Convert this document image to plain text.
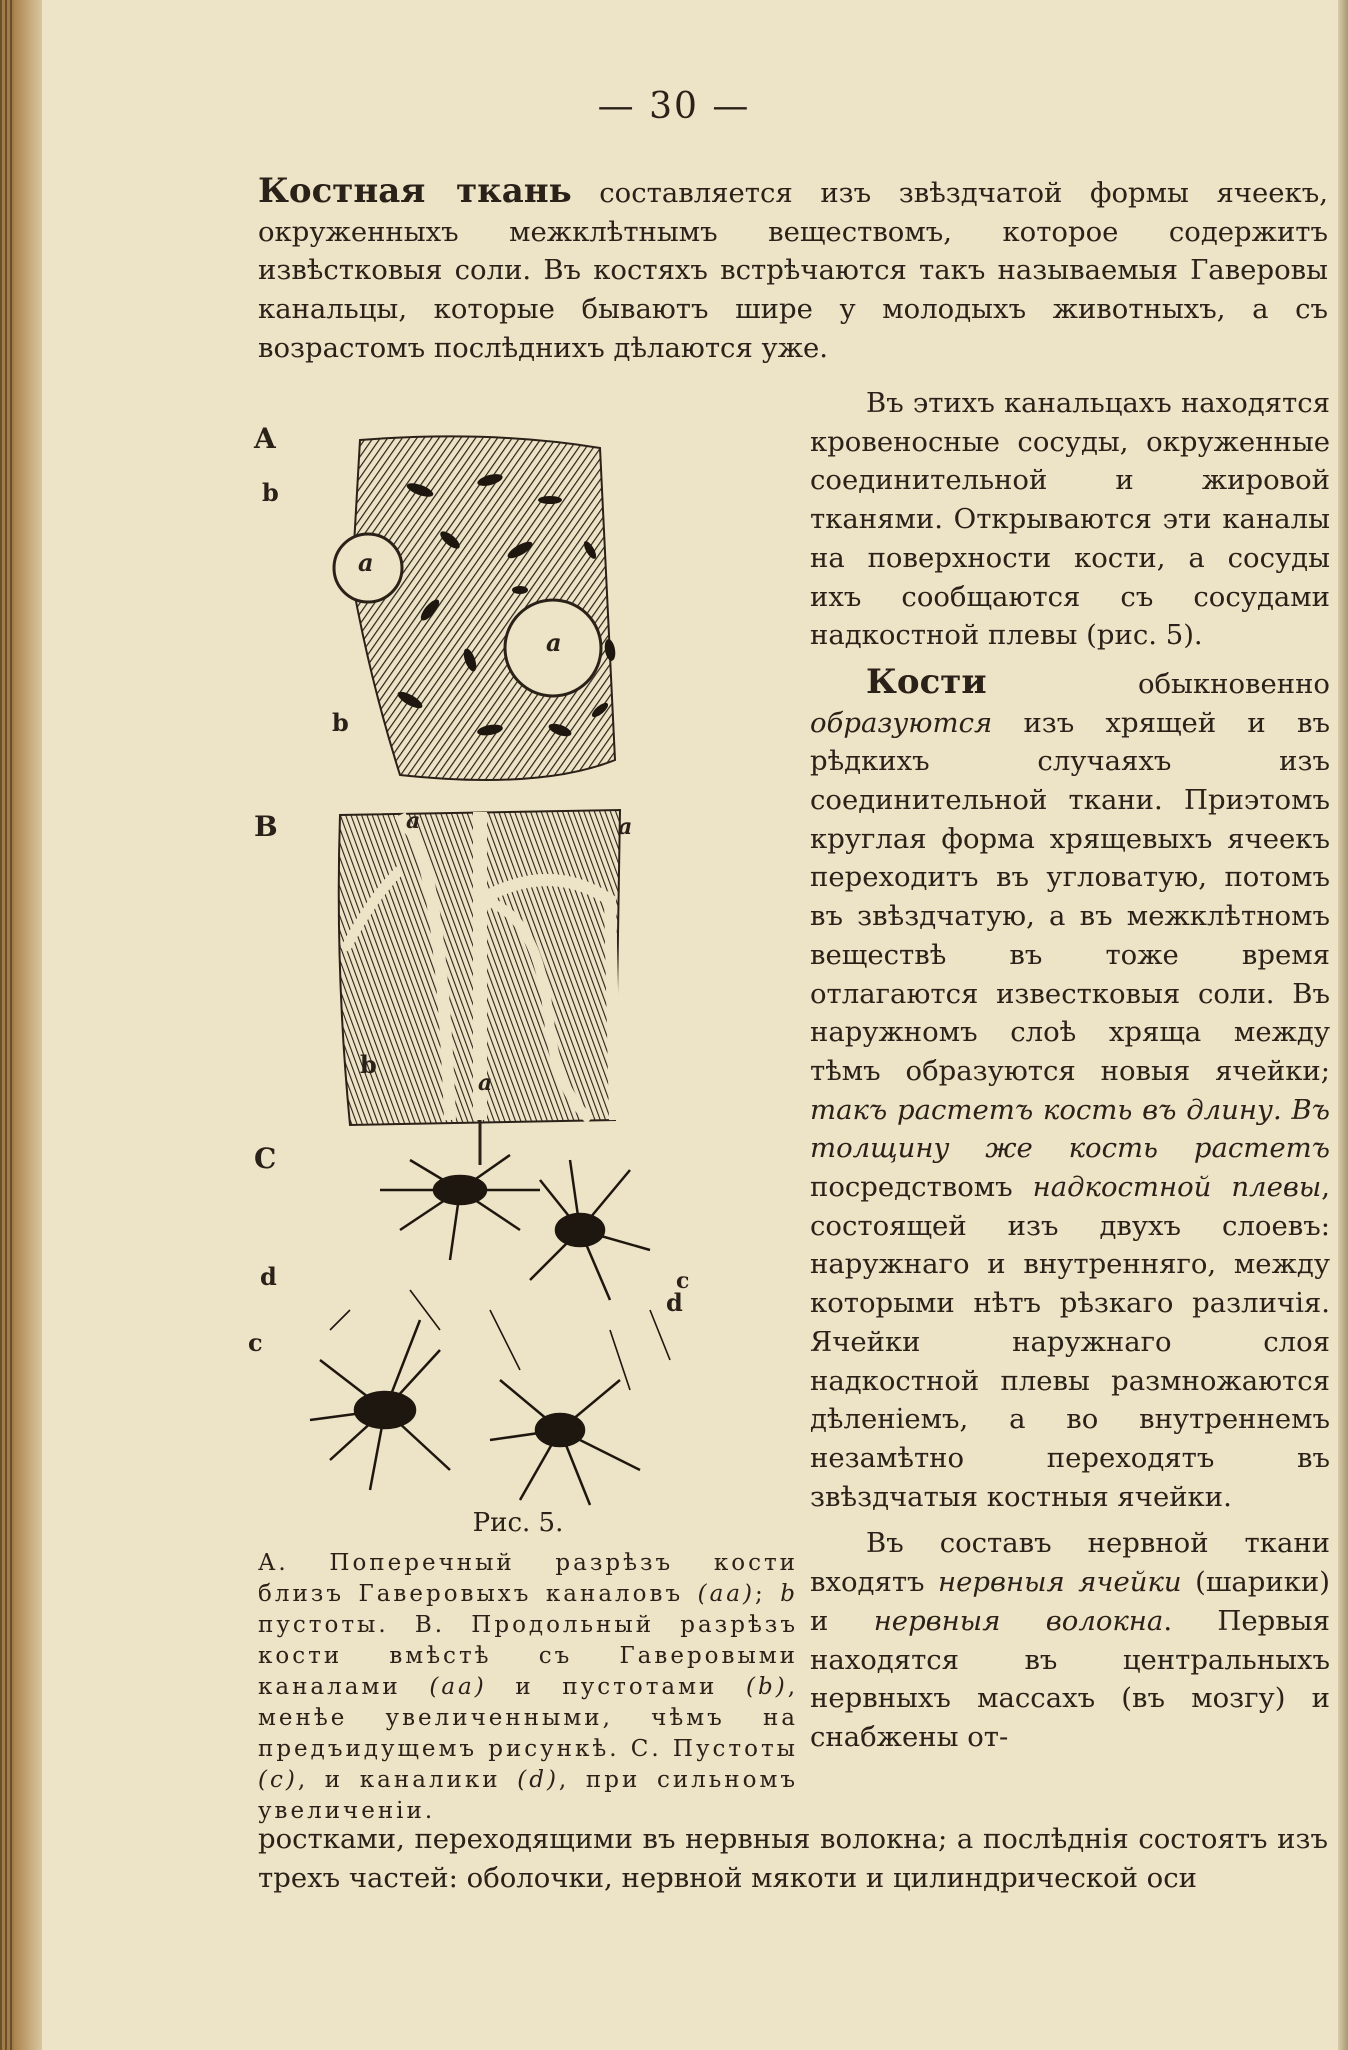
— 30 —

Костная ткань составляется изъ звѣздчатой формы ячеекъ, окруженныхъ межклѣтнымъ веществомъ, которое содержитъ извѣстковыя соли. Въ костяхъ встрѣчаются такъ называемыя Гаверовы канальцы, которые бываютъ шире у молодыхъ животныхъ, а съ возрастомъ послѣднихъ дѣлаются уже.

A
b
a
a
b
B	a	a
b
a
C
d
d
c
c
Рис. 5.

А. Поперечный разрѣзъ кости близъ Гаверовыхъ каналовъ (аа); b пустоты. В. Продольный разрѣзъ кости вмѣстѣ съ Гаверовыми каналами (аа) и пустотами (b), менѣе увеличенными, чѣмъ на предъидущемъ рисункѣ. С. Пустоты (с), и каналики (d), при сильномъ увеличеніи.

Въ этихъ канальцахъ находятся кровеносные сосуды, окруженные соединительной и жировой тканями. Открываются эти каналы на поверхности кости, а сосуды ихъ сообщаются съ сосудами надкостной плевы (рис. 5).

Кости обыкновенно образуются изъ хрящей и въ рѣдкихъ случаяхъ изъ соединительной ткани. Приэтомъ круглая форма хрящевыхъ ячеекъ переходитъ въ угловатую, потомъ въ звѣздчатую, а въ межклѣтномъ веществѣ въ тоже время отлагаются известковыя соли. Въ наружномъ слоѣ хряща между тѣмъ образуются новыя ячейки; такъ растетъ кость въ длину. Въ толщину же кость растетъ посредствомъ надкостной плевы, состоящей изъ двухъ слоевъ: наружнаго и внутренняго, между которыми нѣтъ рѣзкаго различія. Ячейки наружнаго слоя надкостной плевы размножаются дѣленіемъ, а во внутреннемъ незамѣтно переходятъ въ звѣздчатыя костныя ячейки.

Въ составъ нервной ткани входятъ нервныя ячейки (шарики) и нервныя волокна. Первыя находятся въ центральныхъ нервныхъ массахъ (въ мозгу) и снабжены от-

ростками, переходящими въ нервныя волокна; а послѣднія состоятъ изъ трехъ частей: оболочки, нервной мякоти и цилиндрической оси
